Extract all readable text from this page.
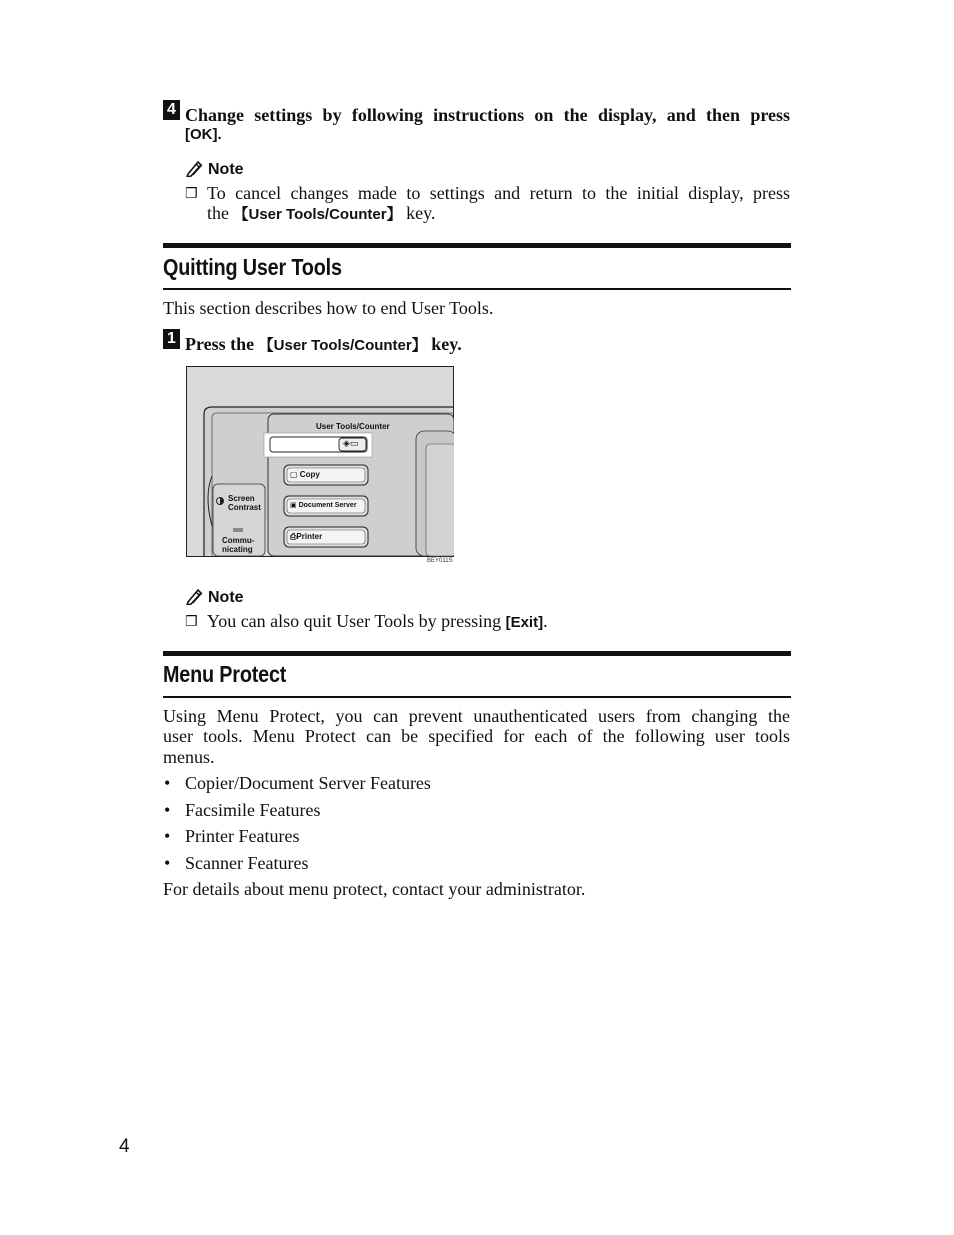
4 Change settings by following instructions on the display, and then press
[OK].
Note
❒ To cancel changes made to settings and return to the initial display, press
the 【User Tools/Counter】 key.
Quitting User Tools
This section describes how to end User Tools.
1 Press the 【User Tools/Counter】 key.
User Tools/Counter
◈▭
Screen
Contrast
Commu-
nicating
▢ Copy
▣ Document Server
⎙Printer
BEY011S
Note
❒ You can also quit User Tools by pressing [Exit].
Menu Protect
Using Menu Protect, you can prevent unauthenticated users from changing the
user tools. Menu Protect can be specified for each of the following user tools
menus.
• Copier/Document Server Features
• Facsimile Features
• Printer Features
• Scanner Features
For details about menu protect, contact your administrator.
4
